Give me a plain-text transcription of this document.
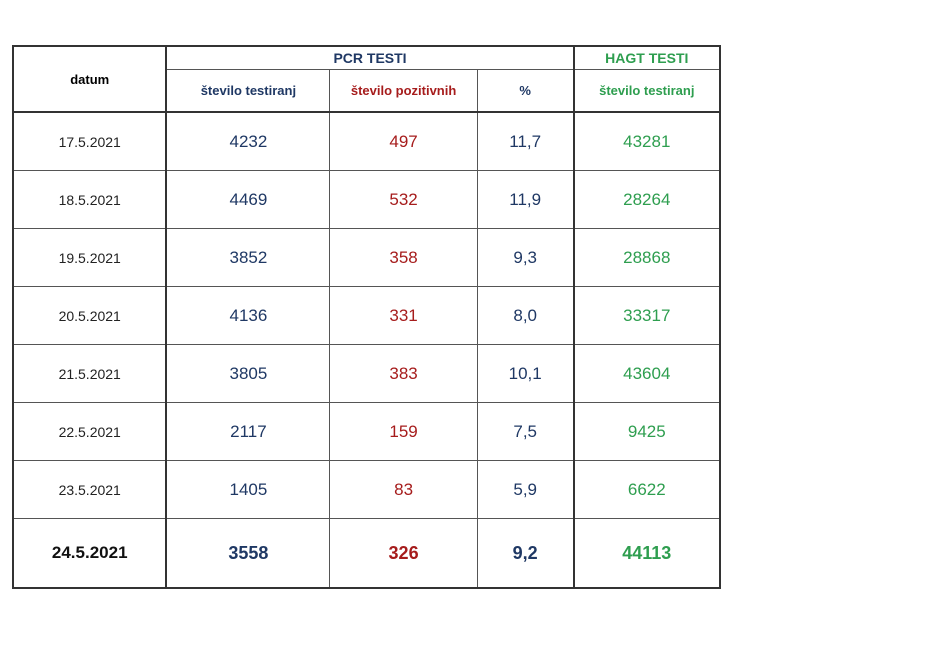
datum	PCR TESTI			HAGT TESTI
	število testiranj	število pozitivnih	%	število testiranj
17.5.2021	4232	497	11,7	43281
18.5.2021	4469	532	11,9	28264
19.5.2021	3852	358	9,3	28868
20.5.2021	4136	331	8,0	33317
21.5.2021	3805	383	10,1	43604
22.5.2021	2117	159	7,5	9425
23.5.2021	1405	83	5,9	6622
24.5.2021	3558	326	9,2	44113
